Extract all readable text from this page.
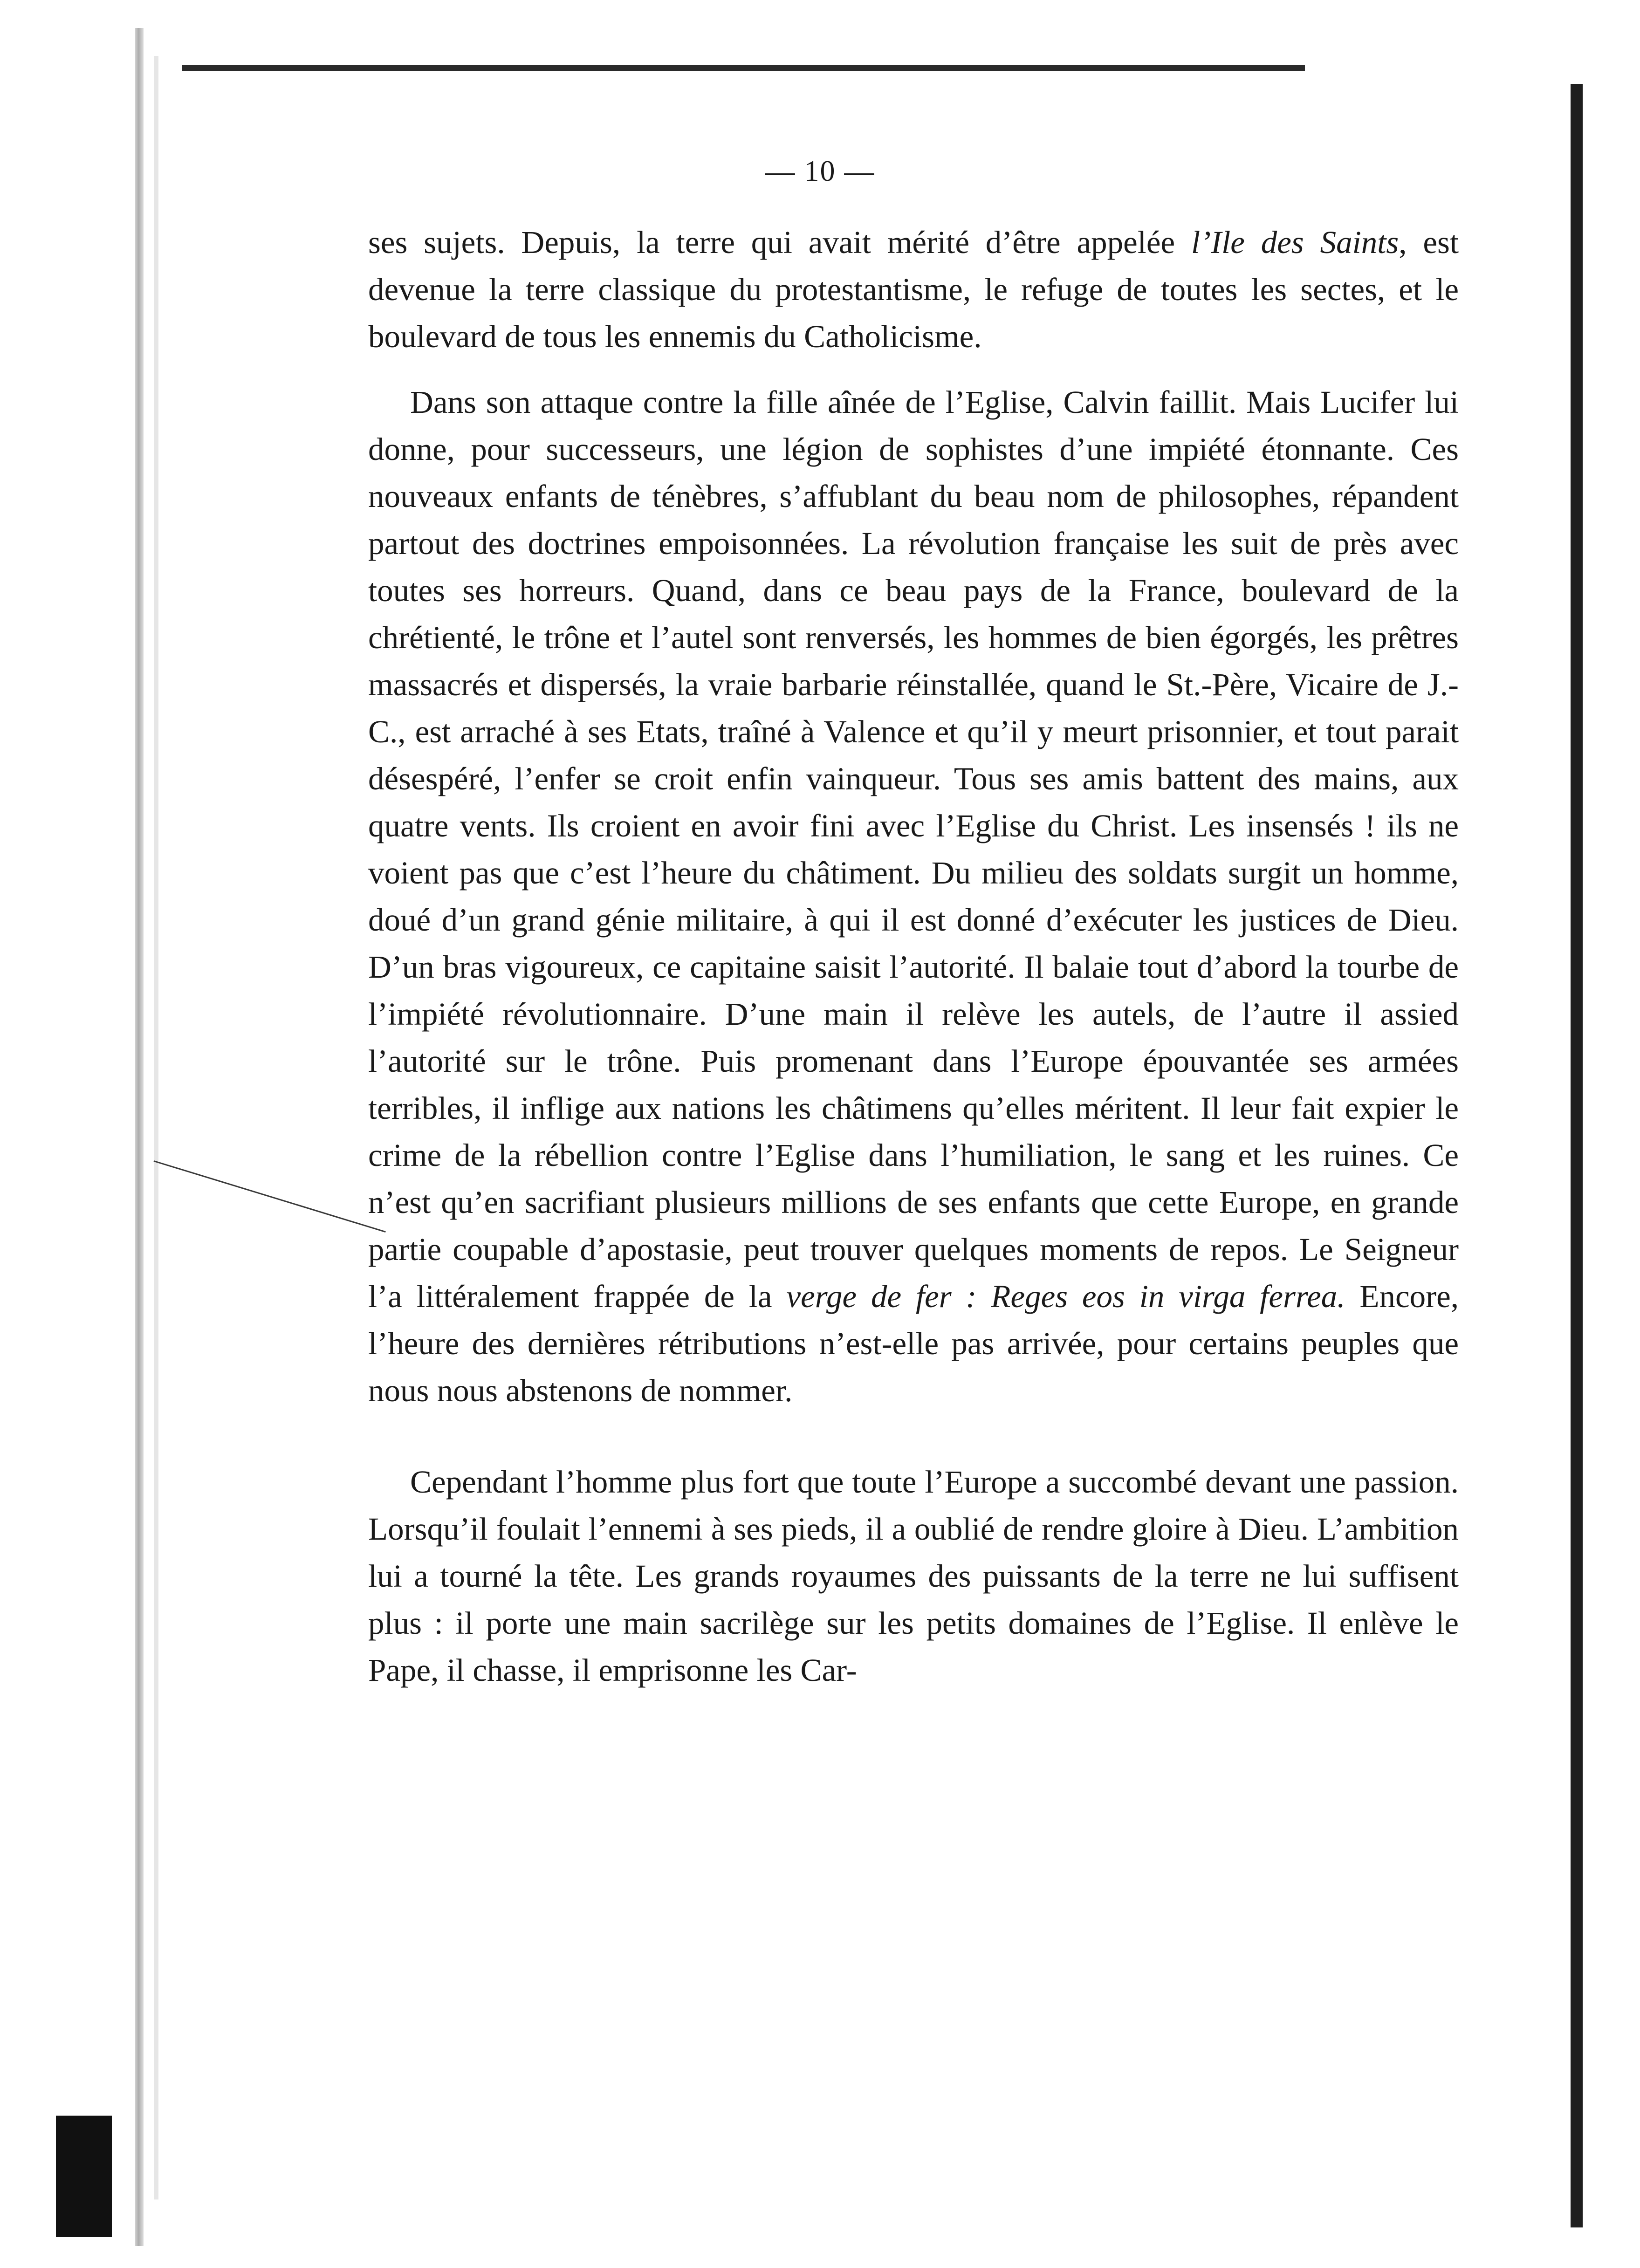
— 10 —

ses sujets. Depuis, la terre qui avait mérité d’être appelée l’Ile des Saints, est devenue la terre classique du protestantisme, le refuge de toutes les sectes, et le boulevard de tous les ennemis du Catholicisme.

Dans son attaque contre la fille aînée de l’Eglise, Calvin faillit. Mais Lucifer lui donne, pour successeurs, une légion de sophistes d’une impiété étonnante. Ces nouveaux enfants de ténèbres, s’affublant du beau nom de philosophes, répandent partout des doctrines empoisonnées. La révolution française les suit de près avec toutes ses horreurs. Quand, dans ce beau pays de la France, boulevard de la chrétienté, le trône et l’autel sont renversés, les hommes de bien égorgés, les prêtres massacrés et dispersés, la vraie barbarie réinstallée, quand le St.-Père, Vicaire de J.-C., est arraché à ses Etats, traîné à Valence et qu’il y meurt prisonnier, et tout parait désespéré, l’enfer se croit enfin vainqueur. Tous ses amis battent des mains, aux quatre vents. Ils croient en avoir fini avec l’Eglise du Christ. Les insensés ! ils ne voient pas que c’est l’heure du châtiment. Du milieu des soldats surgit un homme, doué d’un grand génie militaire, à qui il est donné d’exécuter les justices de Dieu. D’un bras vigoureux, ce capitaine saisit l’autorité. Il balaie tout d’abord la tourbe de l’impiété révolutionnaire. D’une main il relève les autels, de l’autre il assied l’autorité sur le trône. Puis promenant dans l’Europe épouvantée ses armées terribles, il inflige aux nations les châtimens qu’elles méritent. Il leur fait expier le crime de la rébellion contre l’Eglise dans l’humiliation, le sang et les ruines. Ce n’est qu’en sacrifiant plusieurs millions de ses enfants que cette Europe, en grande partie coupable d’apostasie, peut trouver quelques moments de repos. Le Seigneur l’a littéralement frappée de la verge de fer : Reges eos in virga ferrea. Encore, l’heure des dernières rétributions n’est-elle pas arrivée, pour certains peuples que nous nous abstenons de nommer.

Cependant l’homme plus fort que toute l’Europe a succombé devant une passion. Lorsqu’il foulait l’ennemi à ses pieds, il a oublié de rendre gloire à Dieu. L’ambition lui a tourné la tête. Les grands royaumes des puissants de la terre ne lui suffisent plus : il porte une main sacrilège sur les petits domaines de l’Eglise. Il enlève le Pape, il chasse, il emprisonne les Car-
